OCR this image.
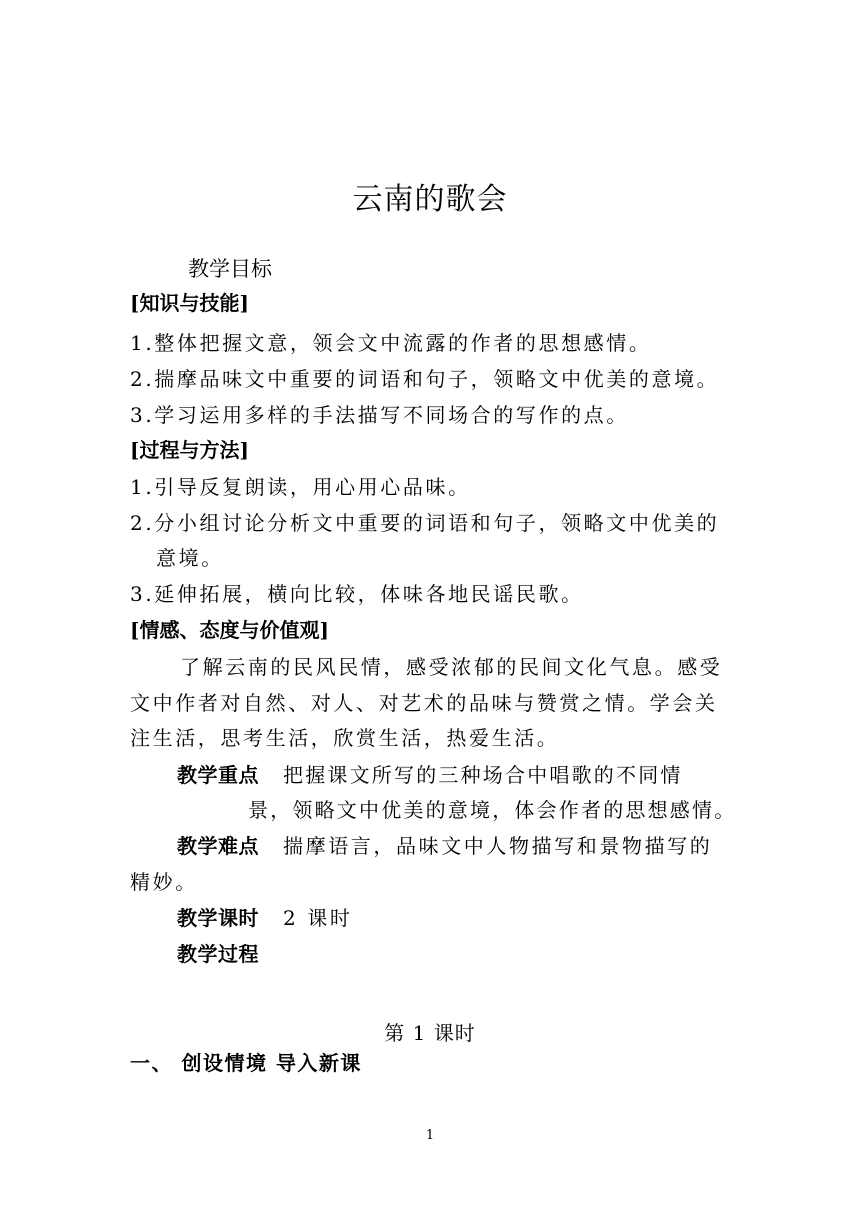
云南的歌会
教学目标
[知识与技能]
1.整体把握文意，领会文中流露的作者的思想感情。
2.揣摩品味文中重要的词语和句子，领略文中优美的意境。
3.学习运用多样的手法描写不同场合的写作的点。
[过程与方法]
1.引导反复朗读，用心用心品味。
2.分小组讨论分析文中重要的词语和句子，领略文中优美的
意境。
3.延伸拓展，横向比较，体味各地民谣民歌。
[情感、态度与价值观]
了解云南的民风民情，感受浓郁的民间文化气息。感受
文中作者对自然、对人、对艺术的品味与赞赏之情。学会关
注生活，思考生活，欣赏生活，热爱生活。
教学重点 把握课文所写的三种场合中唱歌的不同情
景，领略文中优美的意境，体会作者的思想感情。
教学难点 揣摩语言，品味文中人物描写和景物描写的
精妙。
教学课时 2 课时
教学过程
第 1 课时
一、 创设情境 导入新课
1
